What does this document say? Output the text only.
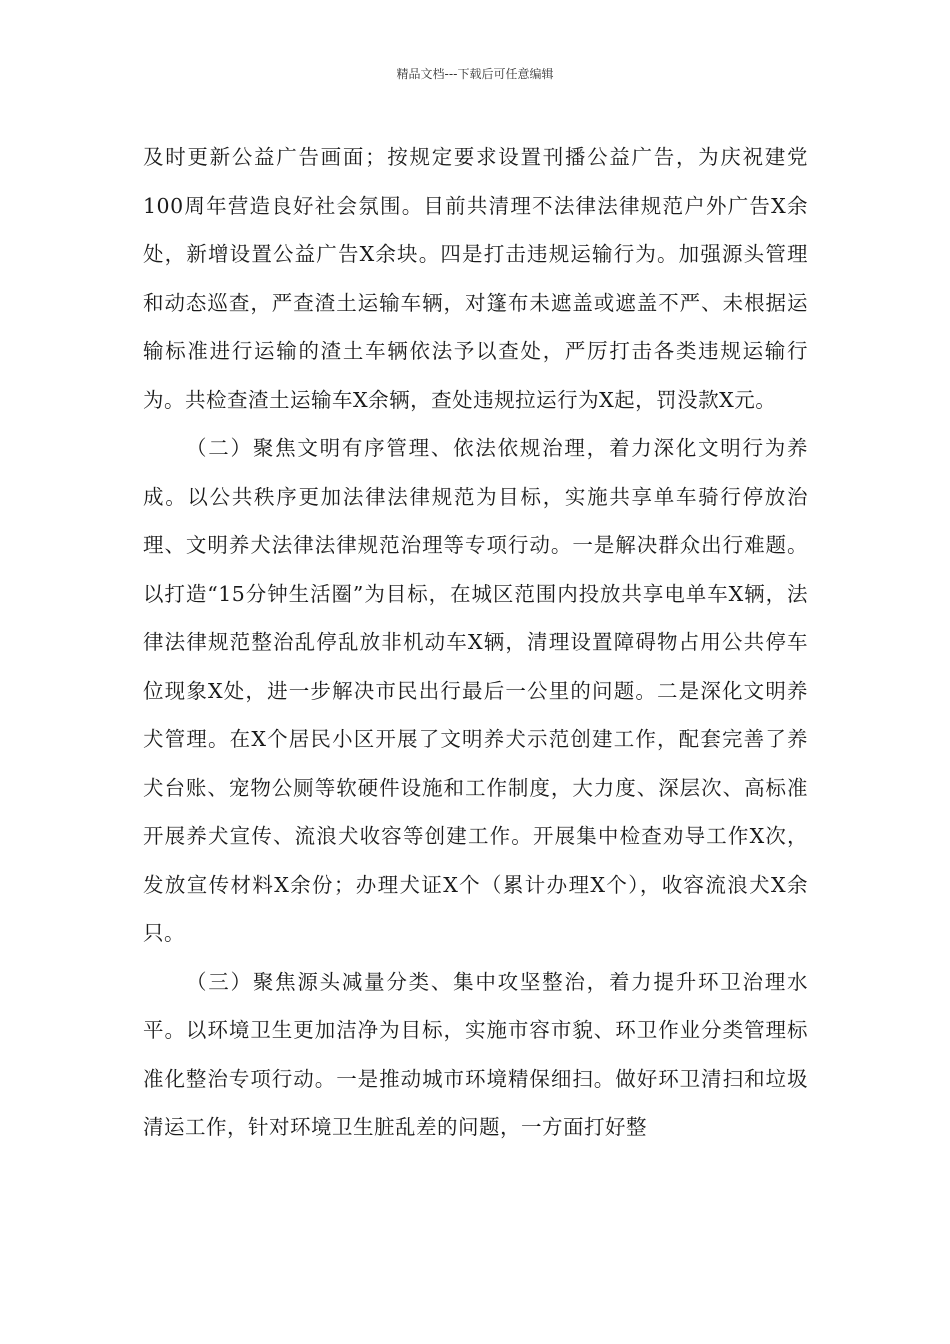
精品文档---下载后可任意编辑

及时更新公益广告画面；按规定要求设置刊播公益广告，为庆祝建党100周年营造良好社会氛围。目前共清理不法律法律规范户外广告X余处，新增设置公益广告X余块。四是打击违规运输行为。加强源头管理和动态巡查，严查渣土运输车辆，对篷布未遮盖或遮盖不严、未根据运输标准进行运输的渣土车辆依法予以查处，严厉打击各类违规运输行为。共检查渣土运输车X余辆，查处违规拉运行为X起，罚没款X元。

（二）聚焦文明有序管理、依法依规治理，着力深化文明行为养成。以公共秩序更加法律法律规范为目标，实施共享单车骑行停放治理、文明养犬法律法律规范治理等专项行动。一是解决群众出行难题。以打造“15分钟生活圈”为目标，在城区范围内投放共享电单车X辆，法律法律规范整治乱停乱放非机动车X辆，清理设置障碍物占用公共停车位现象X处，进一步解决市民出行最后一公里的问题。二是深化文明养犬管理。在X个居民小区开展了文明养犬示范创建工作，配套完善了养犬台账、宠物公厕等软硬件设施和工作制度，大力度、深层次、高标准开展养犬宣传、流浪犬收容等创建工作。开展集中检查劝导工作X次，发放宣传材料X余份；办理犬证X个（累计办理X个），收容流浪犬X余只。

（三）聚焦源头减量分类、集中攻坚整治，着力提升环卫治理水平。以环境卫生更加洁净为目标，实施市容市貌、环卫作业分类管理标准化整治专项行动。一是推动城市环境精保细扫。做好环卫清扫和垃圾清运工作，针对环境卫生脏乱差的问题，一方面打好整
